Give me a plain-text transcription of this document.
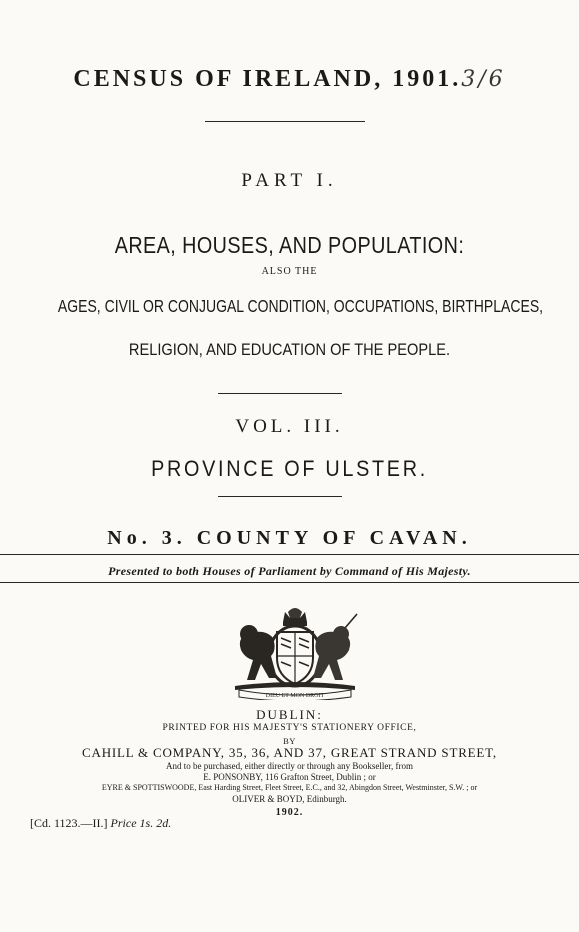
CENSUS OF IRELAND, 1901.3/6
PART I.
AREA, HOUSES, AND POPULATION:
ALSO THE
AGES, CIVIL OR CONJUGAL CONDITION, OCCUPATIONS, BIRTHPLACES,
RELIGION, AND EDUCATION OF THE PEOPLE.
VOL. III.
PROVINCE OF ULSTER.
No. 3. COUNTY OF CAVAN.
Presented to both Houses of Parliament by Command of His Majesty.
DIEU ET MON DROIT
DUBLIN:
PRINTED FOR HIS MAJESTY'S STATIONERY OFFICE,
BY
CAHILL & COMPANY, 35, 36, AND 37, GREAT STRAND STREET,
And to be purchased, either directly or through any Bookseller, from
E. PONSONBY, 116 Grafton Street, Dublin ; or
EYRE & SPOTTISWOODE, East Harding Street, Fleet Street, E.C., and 32, Abingdon Street, Westminster, S.W. ; or
OLIVER & BOYD, Edinburgh.
1902.
[Cd. 1123.—II.] Price 1s. 2d.
